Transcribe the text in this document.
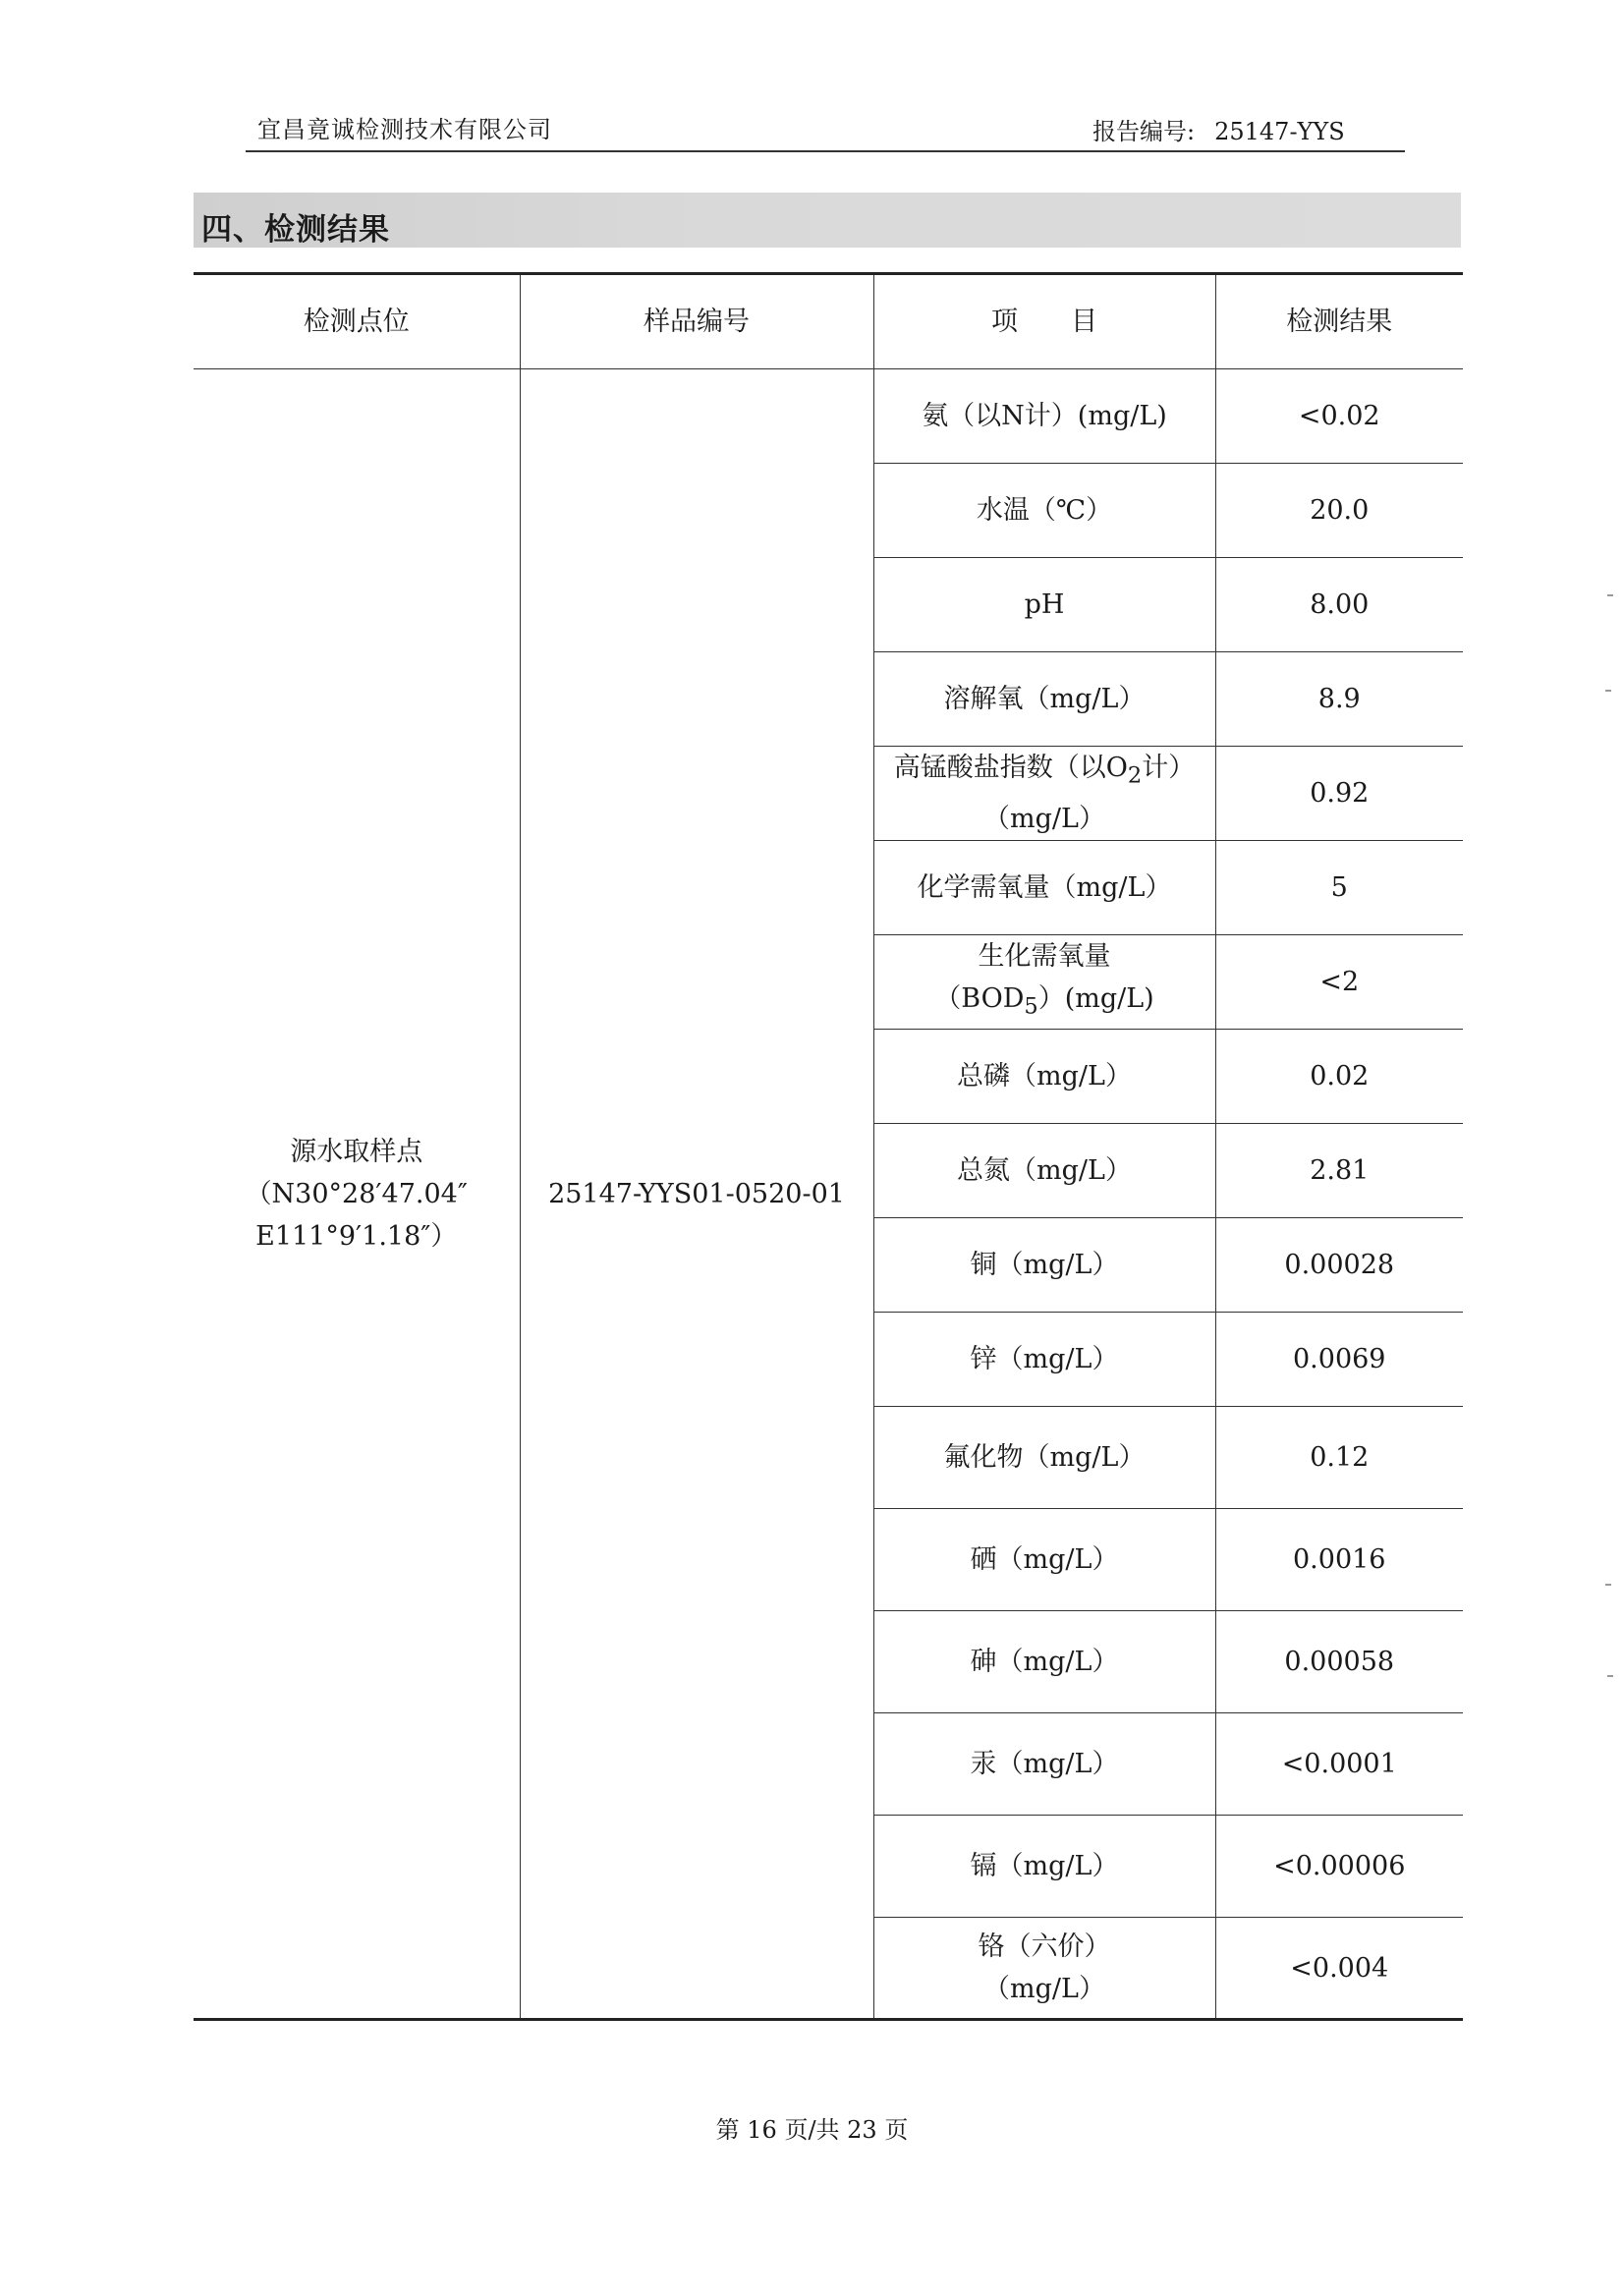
宜昌竟诚检测技术有限公司	报告编号: 25147-YYS
四、检测结果
检测点位	样品编号	项　　目	检测结果

源水取样点
（N30°28′47.04″
E111°9′1.18″）	25147-YYS01-0520-01	氨（以N计）(mg/L)	<0.02
		水温（℃）	20.0
		pH	8.00
		溶解氧（mg/L）	8.9

		高锰酸盐指数（以$O_2$计）
（mg/L）	0.92
		化学需氧量（mg/L）	5

		生化需氧量
$(BOD_5)(mg/L)$	<2
		总磷（mg/L）	0.02
		总氮（mg/L）	2.81
		铜（mg/L）	0.00028
		锌（mg/L）	0.0069
		氟化物（mg/L）	0.12
		硒（mg/L）	0.0016
		砷（mg/L）	0.00058
		汞（mg/L）	<0.0001
		镉（mg/L）	<0.00006

		铬（六价）
（mg/L）	<0.004
第 16 页/共 23 页
